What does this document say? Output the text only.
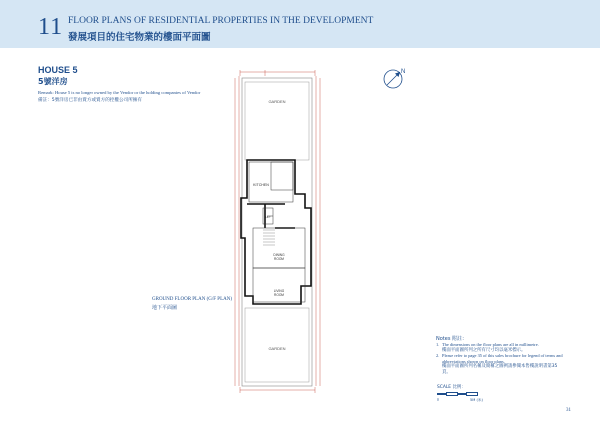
11 FLOOR PLANS OF RESIDENTIAL PROPERTIES IN THE DEVELOPMENT
發展項目的住宅物業的樓面平面圖
HOUSE 5
5號洋房
Remark: House 5 is no longer owned by the Vendor or the holding companies of Vendor
備註：5號洋房已非由賣方或賣方的控權公司所擁有
N
GARDEN
LIFT
KITCHEN
DINING ROOM
LIVING ROOM
GARDEN
GROUND FLOOR PLAN (G/F PLAN)
地下平面圖
Notes 附註：
1. The dimensions on the floor plans are all in millimetre.
樓面平面圖所列之所有尺寸均以毫米標示。
2. Please refer to page 35 of this sales brochure for legend of terms and abbreviations shown on floor plans.
樓面平面圖所列名稱及簡稱之圖例請參閱本售樓說明書第35頁。
SCALE 比例：
0	5M (米)
31
